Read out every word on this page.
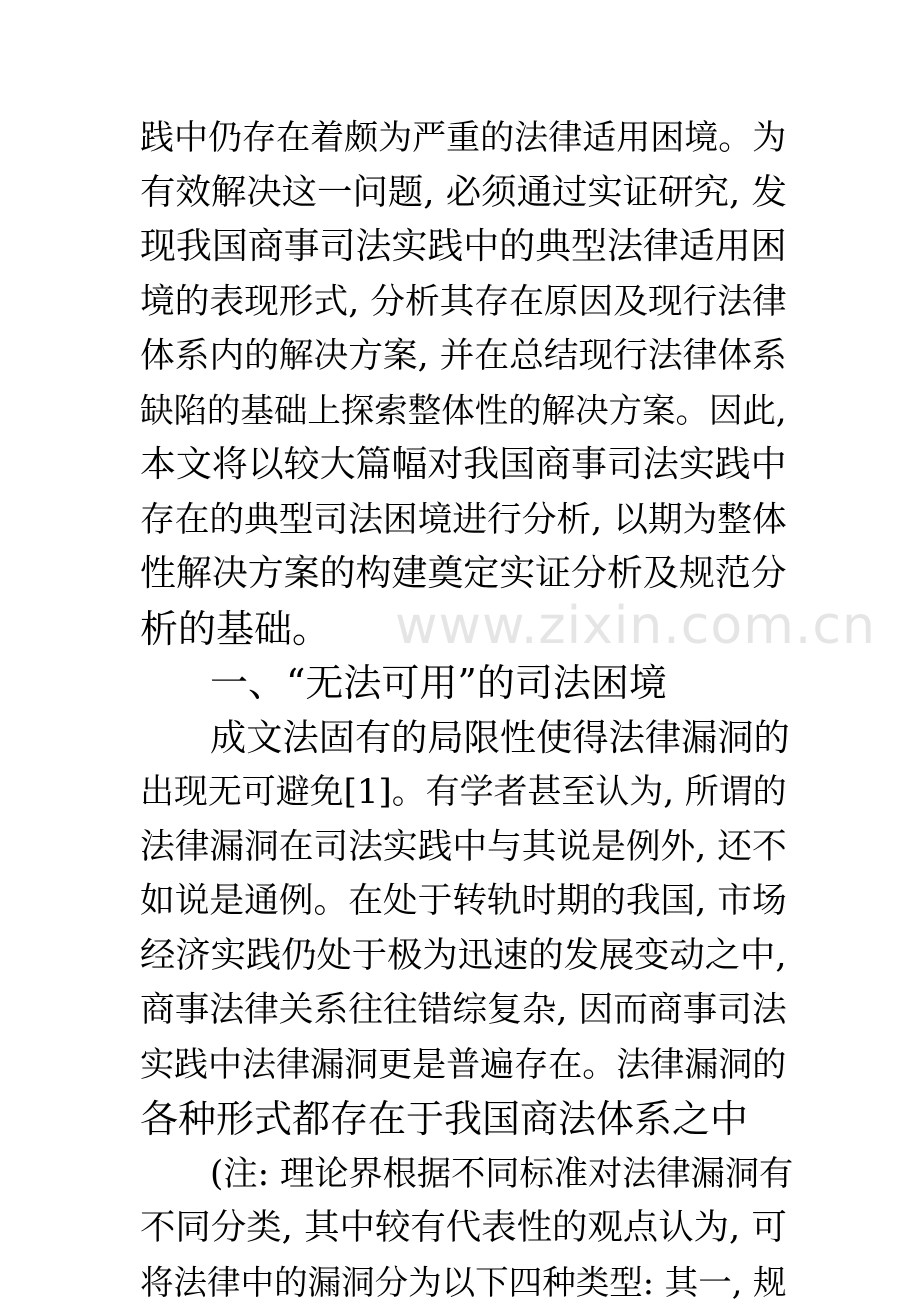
践中仍存在着颇为严重的法律适用困境。为
有效解决这一问题, 必须通过实证研究, 发
现我国商事司法实践中的典型法律适用困
境的表现形式, 分析其存在原因及现行法律
体系内的解决方案, 并在总结现行法律体系
缺陷的基础上探索整体性的解决方案。因此,
本文将以较大篇幅对我国商事司法实践中
存在的典型司法困境进行分析, 以期为整体
性解决方案的构建奠定实证分析及规范分
析的基础。
一、“无法可用”的司法困境
成文法固有的局限性使得法律漏洞的
出现无可避免[1]。有学者甚至认为, 所谓的
法律漏洞在司法实践中与其说是例外, 还不
如说是通例。在处于转轨时期的我国, 市场
经济实践仍处于极为迅速的发展变动之中,
商事法律关系往往错综复杂, 因而商事司法
实践中法律漏洞更是普遍存在。法律漏洞的
各种形式都存在于我国商法体系之中
(注: 理论界根据不同标准对法律漏洞有
不同分类, 其中较有代表性的观点认为, 可
将法律中的漏洞分为以下四种类型: 其一, 规
www.zixin.com.cn
